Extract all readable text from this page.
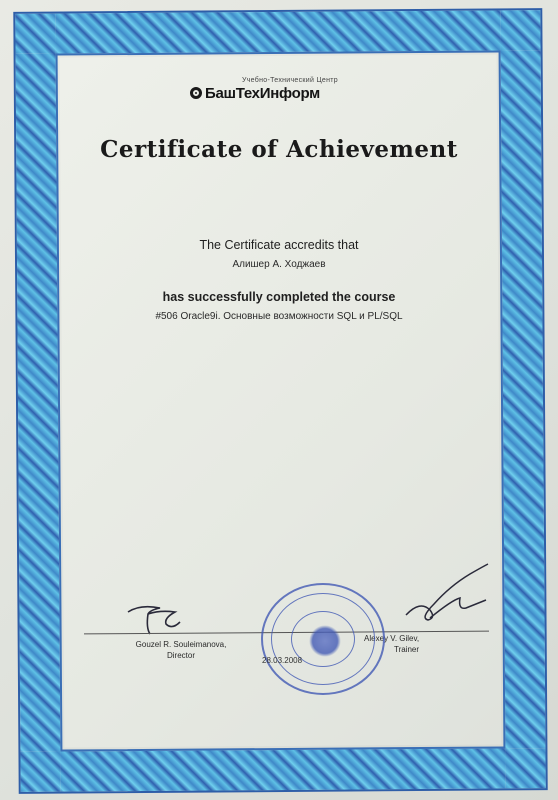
Учебно-Технический Центр
БашТехИнформ
Certificate of Achievement
The Certificate accredits that
Алишер А. Ходжаев
has successfully completed the course
#506 Oracle9i. Основные возможности SQL и PL/SQL
Gouzel R. Souleimanova,
Director
Alexey V. Gilev,
Trainer
28.03.2008
